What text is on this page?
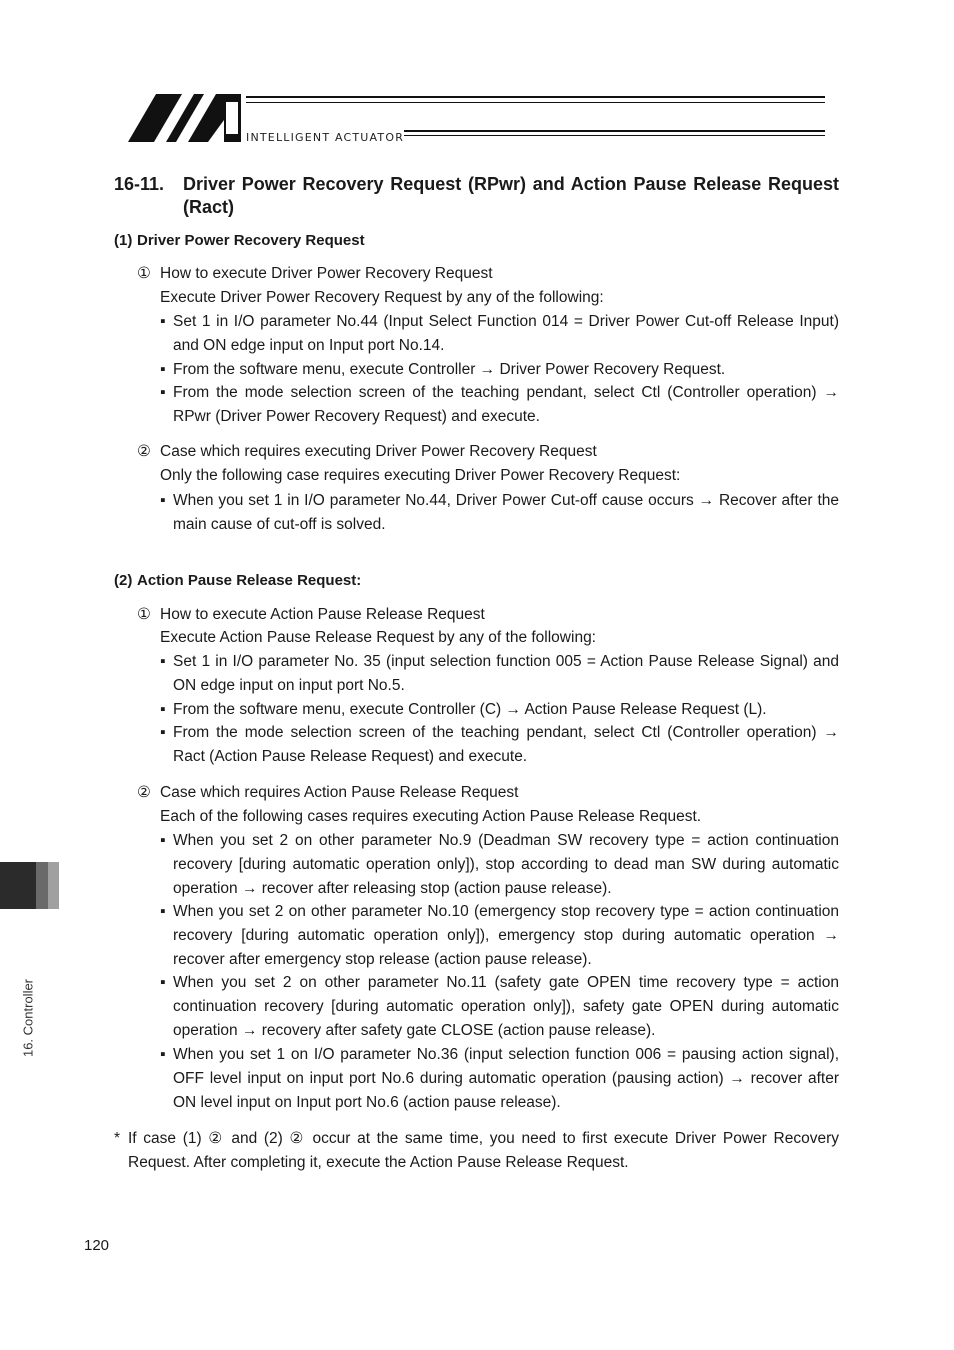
INTELLIGENT ACTUATOR
16-11. Driver Power Recovery Request (RPwr) and Action Pause Release Request (Ract)
(1) Driver Power Recovery Request
① How to execute Driver Power Recovery Request
Execute Driver Power Recovery Request by any of the following:
▪ Set 1 in I/O parameter No.44 (Input Select Function 014 = Driver Power Cut-off Release Input) and ON edge input on Input port No.14.
▪ From the software menu, execute Controller → Driver Power Recovery Request.
▪ From the mode selection screen of the teaching pendant, select Ctl (Controller operation) → RPwr (Driver Power Recovery Request) and execute.
② Case which requires executing Driver Power Recovery Request
Only the following case requires executing Driver Power Recovery Request:
▪ When you set 1 in I/O parameter No.44, Driver Power Cut-off cause occurs → Recover after the main cause of cut-off is solved.
(2) Action Pause Release Request:
① How to execute Action Pause Release Request
Execute Action Pause Release Request by any of the following:
▪ Set 1 in I/O parameter No. 35 (input selection function 005 = Action Pause Release Signal) and ON edge input on input port No.5.
▪ From the software menu, execute Controller (C) → Action Pause Release Request (L).
▪ From the mode selection screen of the teaching pendant, select Ctl (Controller operation) → Ract (Action Pause Release Request) and execute.
② Case which requires Action Pause Release Request
Each of the following cases requires executing Action Pause Release Request.
▪ When you set 2 on other parameter No.9 (Deadman SW recovery type = action continuation recovery [during automatic operation only]), stop according to dead man SW during automatic operation → recover after releasing stop (action pause release).
▪ When you set 2 on other parameter No.10 (emergency stop recovery type = action continuation recovery [during automatic operation only]), emergency stop during automatic operation → recover after emergency stop release (action pause release).
▪ When you set 2 on other parameter No.11 (safety gate OPEN time recovery type = action continuation recovery [during automatic operation only]), safety gate OPEN during automatic operation → recovery after safety gate CLOSE (action pause release).
▪ When you set 1 on I/O parameter No.36 (input selection function 006 = pausing action signal), OFF level input on input port No.6 during automatic operation (pausing action) → recover after ON level input on Input port No.6 (action pause release).
* If case (1) ② and (2) ② occur at the same time, you need to first execute Driver Power Recovery Request. After completing it, execute the Action Pause Release Request.
16. Controller
120
